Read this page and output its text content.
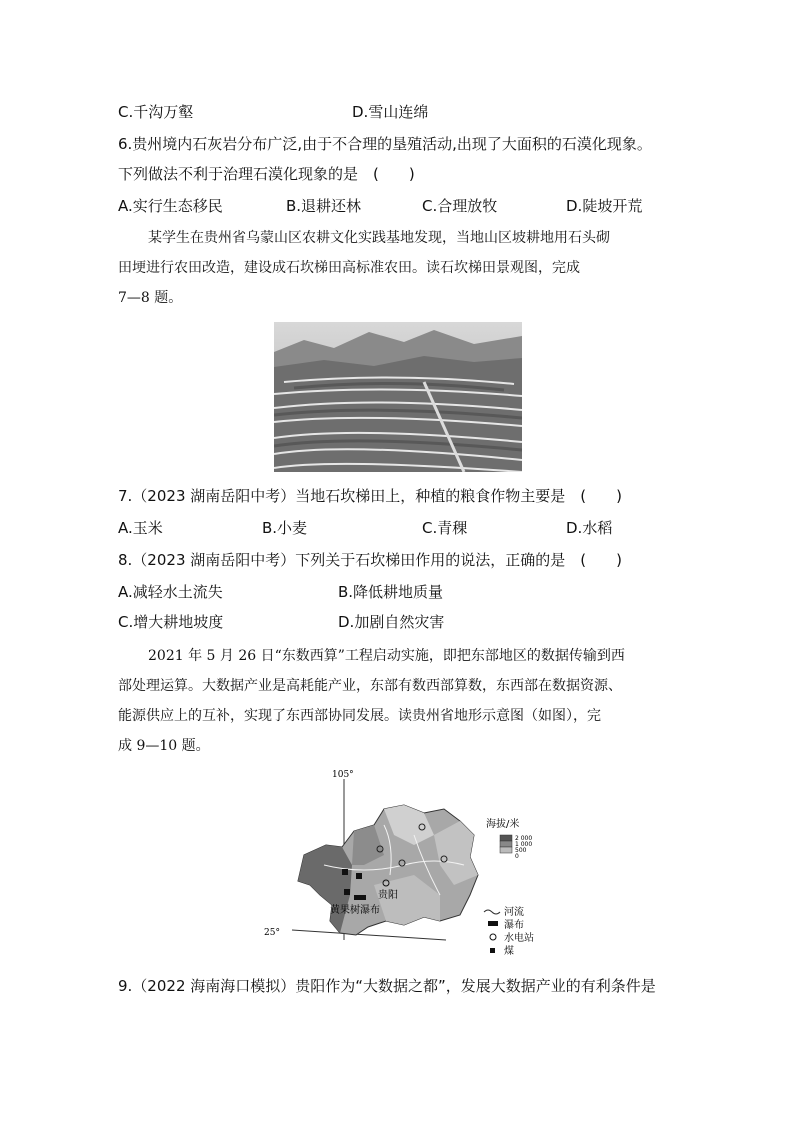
C.千沟万壑	D.雪山连绵
6.贵州境内石灰岩分布广泛,由于不合理的垦殖活动,出现了大面积的石漠化现象。
下列做法不利于治理石漠化现象的是　(　　)
A.实行生态移民	B.退耕还林	C.合理放牧	D.陡坡开荒
某学生在贵州省乌蒙山区农耕文化实践基地发现，当地山区坡耕地用石头砌
田埂进行农田改造，建设成石坎梯田高标准农田。读石坎梯田景观图，完成
7—8 题。
7.（2023 湖南岳阳中考）当地石坎梯田上，种植的粮食作物主要是　(　　)
A.玉米	B.小麦	C.青稞	D.水稻
8.（2023 湖南岳阳中考）下列关于石坎梯田作用的说法，正确的是　(　　)
A.减轻水土流失	B.降低耕地质量
C.增大耕地坡度	D.加剧自然灾害
2021 年 5 月 26 日“东数西算”工程启动实施，即把东部地区的数据传输到西
部处理运算。大数据产业是高耗能产业，东部有数西部算数，东西部在数据资源、
能源供应上的互补，实现了东西部协同发展。读贵州省地形示意图（如图），完
成 9—10 题。
105°
25°
贵阳
黄果树瀑布
海拔/米
2 000
1 000
500
0
河流
瀑布
水电站
煤
9.（2022 海南海口模拟）贵阳作为“大数据之都”，发展大数据产业的有利条件是
